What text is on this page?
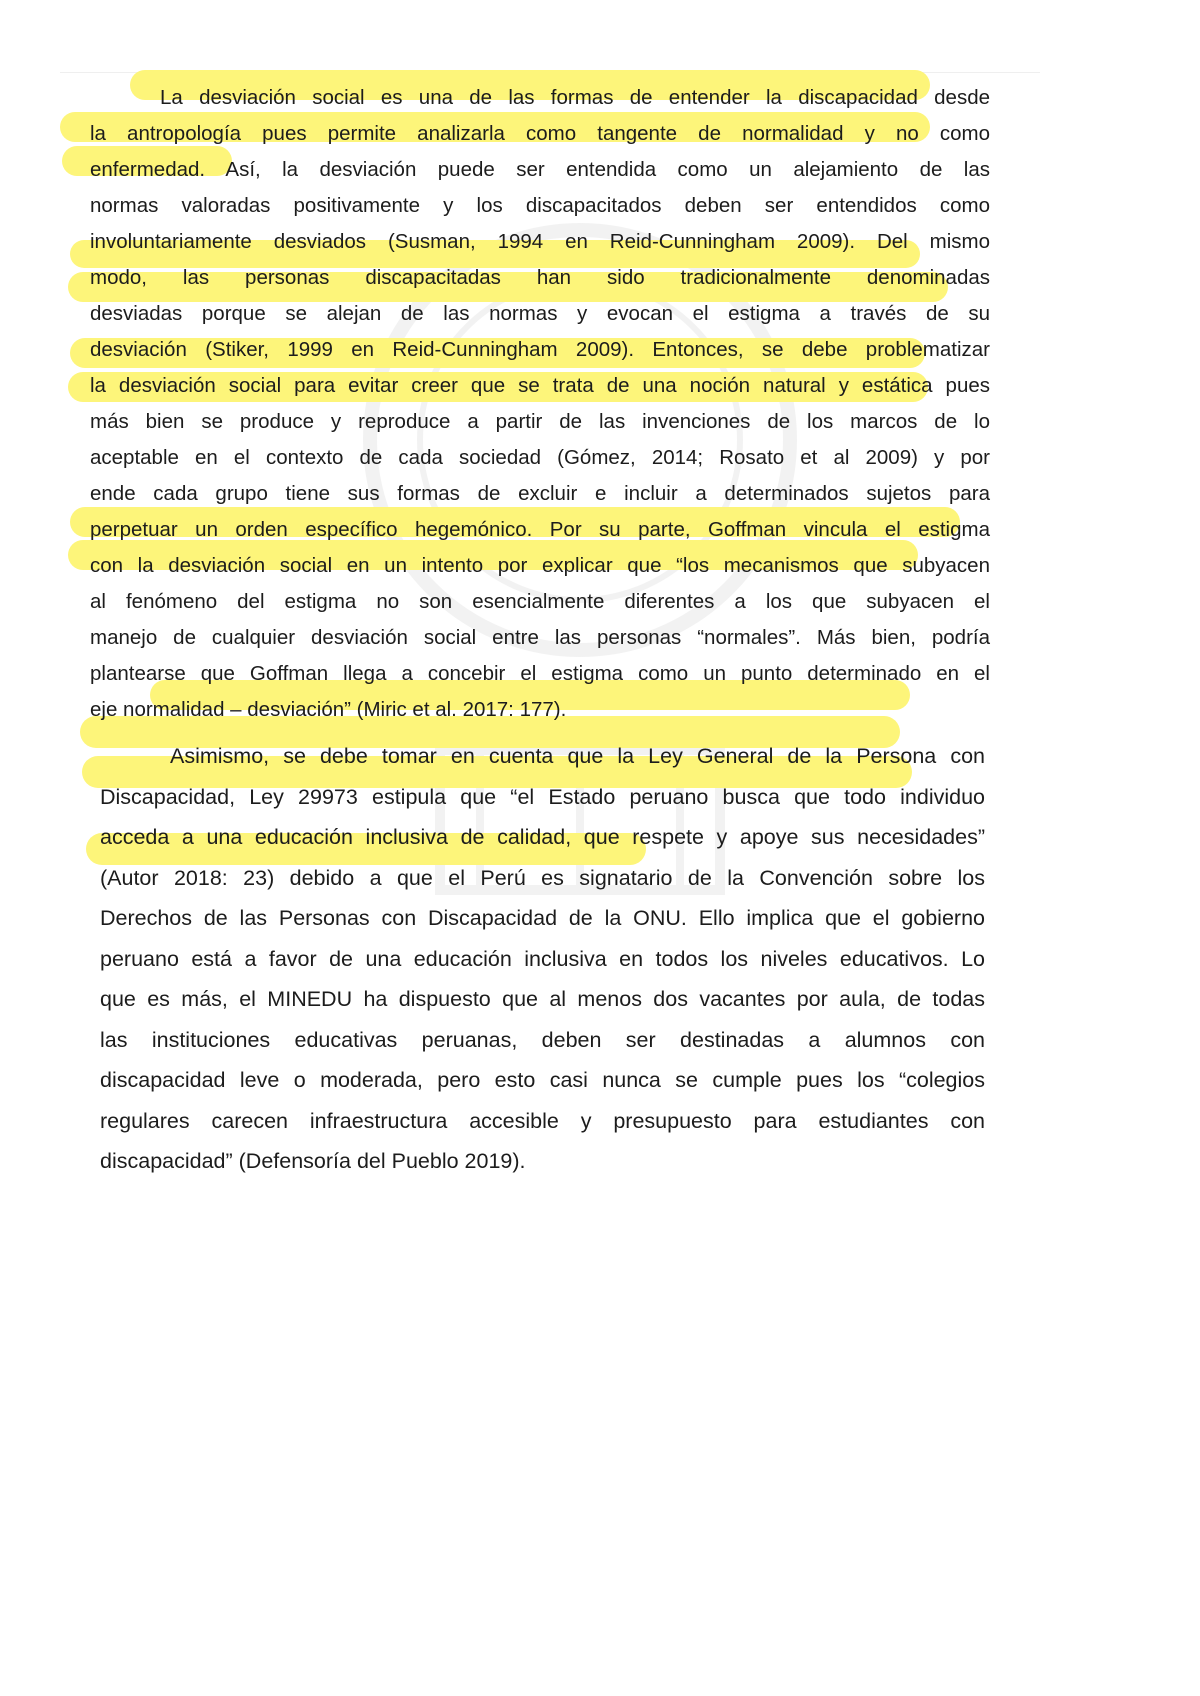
La desviación social es una de las formas de entender la discapacidad desde
la antropología pues permite analizarla como tangente de normalidad y no como
enfermedad. Así, la desviación puede ser entendida como un alejamiento de las
normas valoradas positivamente y los discapacitados deben ser entendidos como
involuntariamente desviados (Susman, 1994 en Reid-Cunningham 2009). Del mismo
modo, las personas discapacitadas han sido tradicionalmente denominadas
desviadas porque se alejan de las normas y evocan el estigma a través de su
desviación (Stiker, 1999 en Reid-Cunningham 2009). Entonces, se debe problematizar
la desviación social para evitar creer que se trata de una noción natural y estática pues
más bien se produce y reproduce a partir de las invenciones de los marcos de lo
aceptable en el contexto de cada sociedad (Gómez, 2014; Rosato et al 2009) y por
ende cada grupo tiene sus formas de excluir e incluir a determinados sujetos para
perpetuar un orden específico hegemónico. Por su parte, Goffman vincula el estigma
con la desviación social en un intento por explicar que “los mecanismos que subyacen
al fenómeno del estigma no son esencialmente diferentes a los que subyacen el
manejo de cualquier desviación social entre las personas “normales”. Más bien, podría
plantearse que Goffman llega a concebir el estigma como un punto determinado en el
eje normalidad – desviación” (Miric et al. 2017: 177).
Asimismo, se debe tomar en cuenta que la Ley General de la Persona con
Discapacidad, Ley 29973 estipula que “el Estado peruano busca que todo individuo
acceda a una educación inclusiva de calidad, que respete y apoye sus necesidades”
(Autor 2018: 23) debido a que el Perú es signatario de la Convención sobre los
Derechos de las Personas con Discapacidad de la ONU. Ello implica que el gobierno
peruano está a favor de una educación inclusiva en todos los niveles educativos. Lo
que es más, el MINEDU ha dispuesto que al menos dos vacantes por aula, de todas
las instituciones educativas peruanas, deben ser destinadas a alumnos con
discapacidad leve o moderada, pero esto casi nunca se cumple pues los “colegios
regulares carecen infraestructura accesible y presupuesto para estudiantes con
discapacidad” (Defensoría del Pueblo 2019).
